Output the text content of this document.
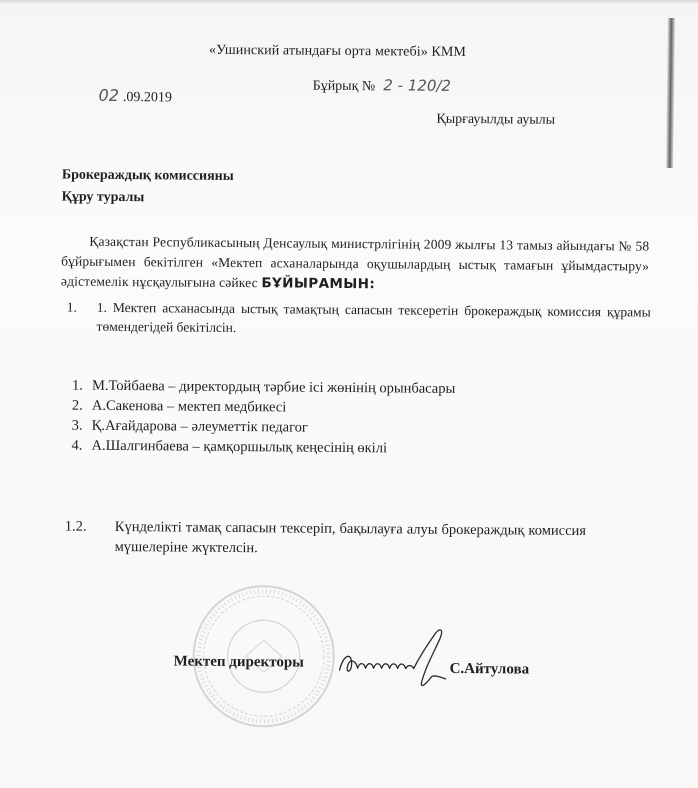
«Ушинский атындағы орта мектебі» КММ
02 .09.2019
Бұйрық № 2 - 120/2
Қырғауылды ауылы
Брокераждық комиссияны
Құру туралы
Қазақстан Республикасының Денсаулық министрлігінің 2009 жылғы 13 тамыз айындағы № 58 бұйрығымен бекітілген «Мектеп асханаларында оқушылардың ыстық тамағын ұйымдастыру» әдістемелік нұсқаулығына сәйкес БҰЙЫРАМЫН:
1. 1. Мектеп асханасында ыстық тамақтың сапасын тексеретін брокераждық комиссия құрамы төмендегідей бекітілсін.
1. М.Тойбаева – директордың тәрбие ісі жөнінің орынбасары
2. А.Сакенова – мектеп медбикесі
3. Қ.Ағайдарова – әлеуметтік педагог
4. А.Шалгинбаева – қамқоршылық кеңесінің өкілі
1.2. Күнделікті тамақ сапасын тексеріп, бақылауға алуы брокераждық комиссия мүшелеріне жүктелсін.
Мектеп директоры	С.Айтулова
